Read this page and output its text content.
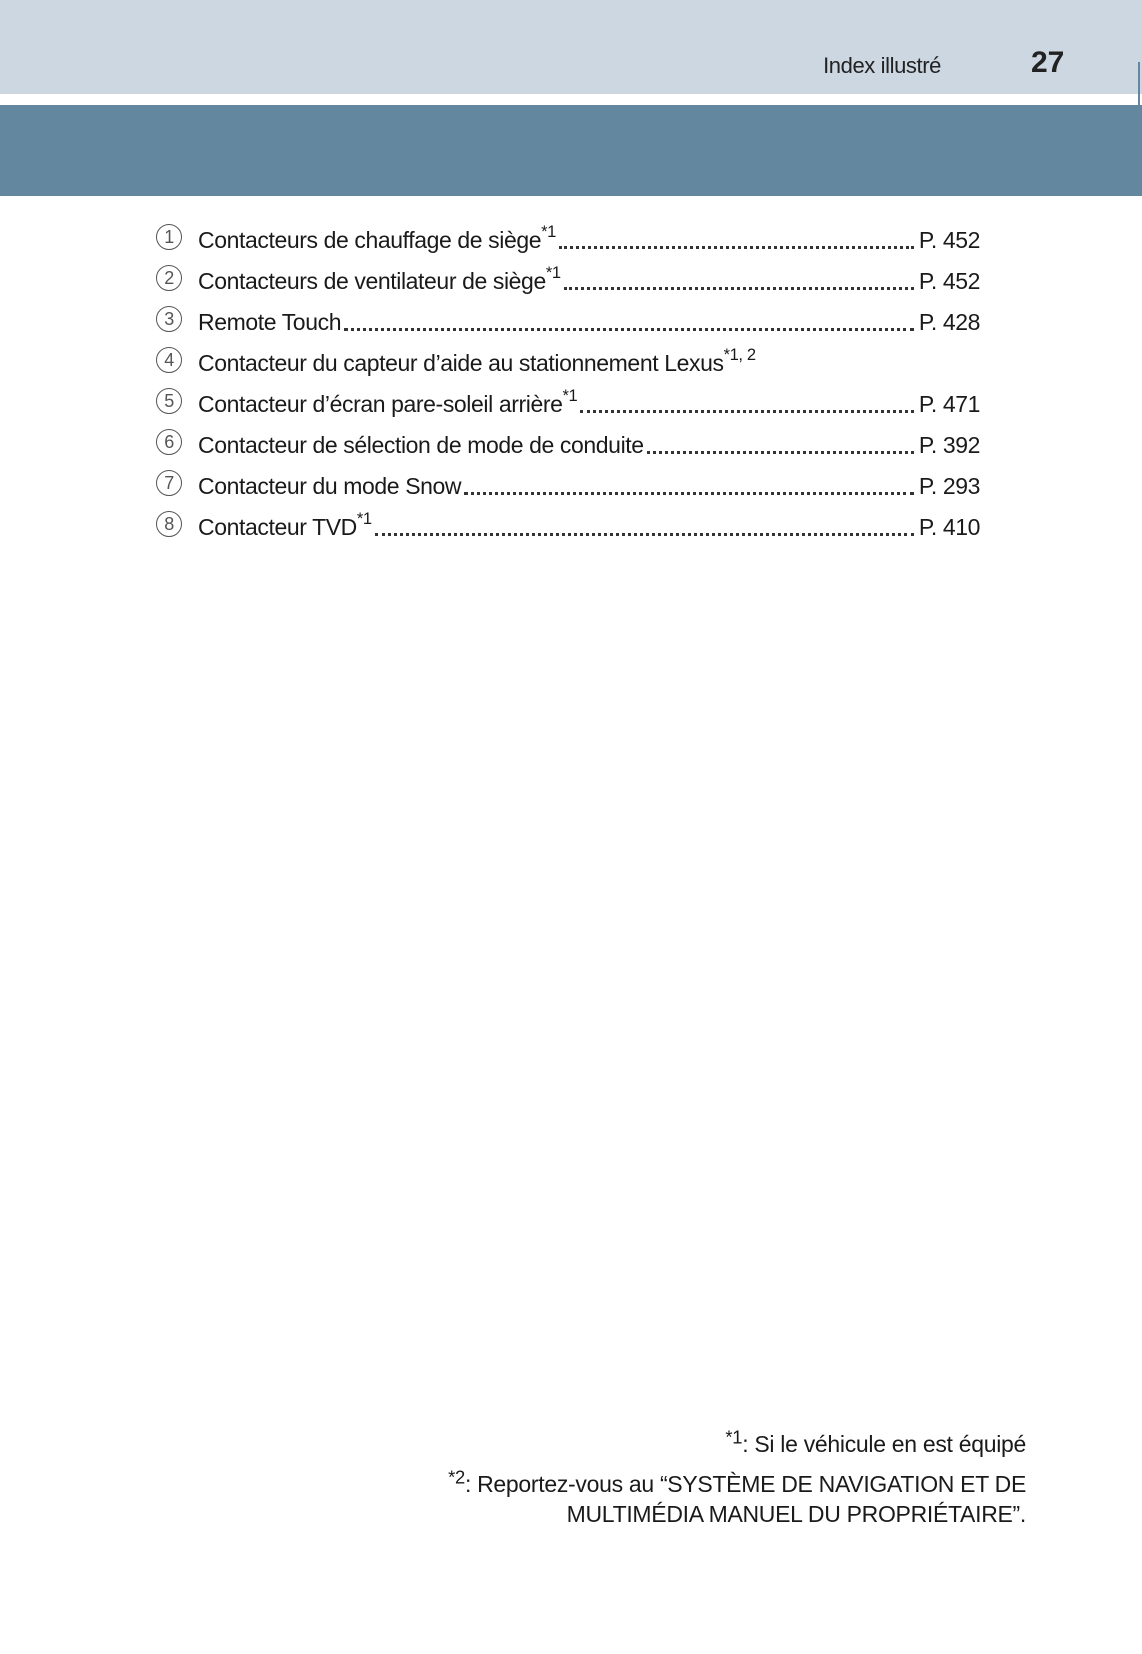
Index illustré	27
1	Contacteurs de chauffage de siège$^{*1}$	P. 452
2	Contacteurs de ventilateur de siège$^{*1}$	P. 452
3	Remote Touch	P. 428
4	Contacteur du capteur d’aide au stationnement Lexus$^{*1, 2}$
5	Contacteur d’écran pare-soleil arrière$^{*1}$	P. 471
6	Contacteur de sélection de mode de conduite	P. 392
7	Contacteur du mode Snow	P. 293
8	Contacteur TVD$^{*1}$	P. 410
$^{*1}$: Si le véhicule en est équipé
$^{*2}$: Reportez-vous au “SYSTÈME DE NAVIGATION ET DE
MULTIMÉDIA MANUEL DU PROPRIÉTAIRE”.
